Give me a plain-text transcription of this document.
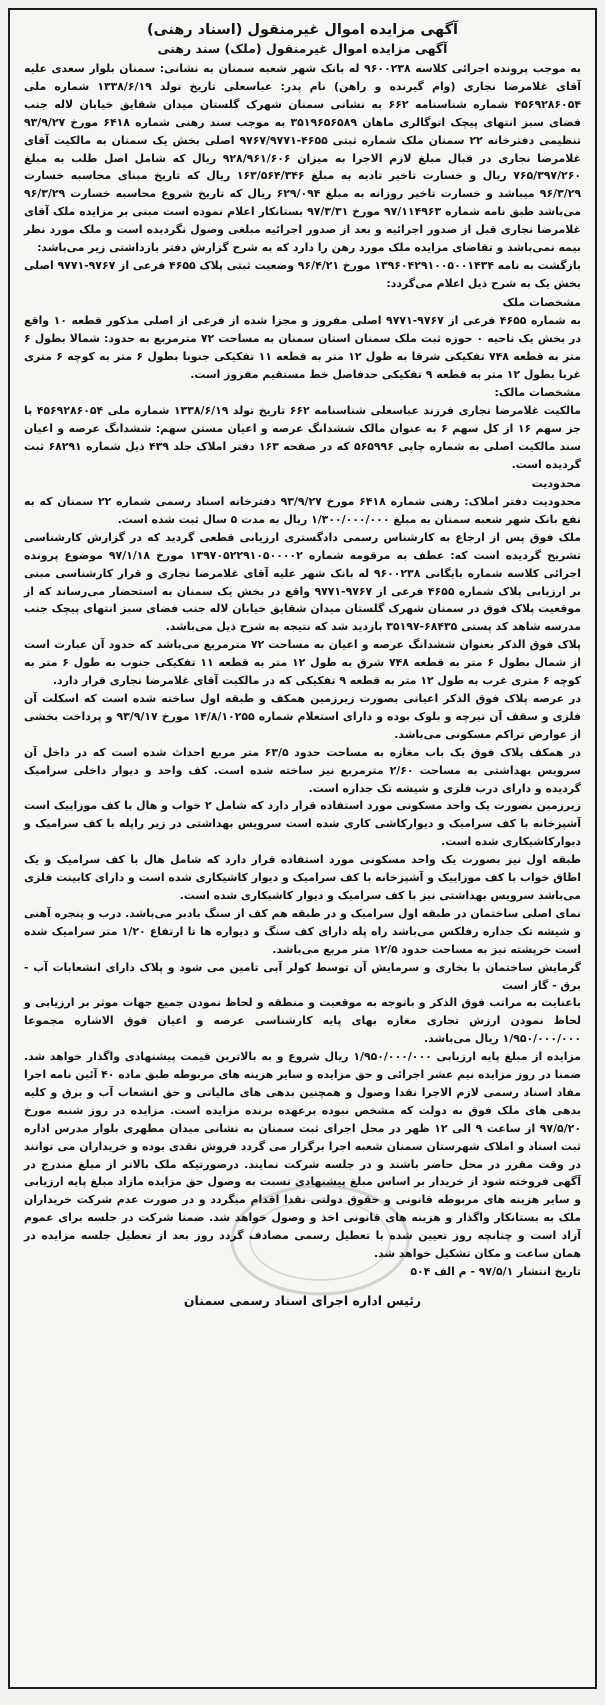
آگهی مزایده اموال غیرمنقول (اسناد رهنی)
آگهی مزایده اموال غیرمنقول (ملک) سند رهنی

به موجب پرونده اجرائی کلاسه ۹۶۰۰۲۳۸ له بانک شهر شعبه سمنان به نشانی: سمنان بلوار سعدی علیه آقای غلامرضا نجاری (وام گیرنده و راهن) نام پدر: عباسعلی تاریخ تولد ۱۳۳۸/۶/۱۹ شماره ملی ۴۵۶۹۲۸۶۰۵۴ شماره شناسنامه ۶۶۲ به نشانی سمنان شهرک گلستان میدان شقایق خیابان لاله جنب فضای سبز انتهای پیچک اتوگالری ماهان ۳۵۱۹۶۵۶۵۸۹ به موجب سند رهنی شماره ۶۴۱۸ مورخ ۹۳/۹/۲۷ تنظیمی دفترخانه ۲۲ سمنان ملک شماره ثبتی ۴۶۵۵-۹۷۶۷/۹۷۷۱ اصلی بخش یک سمنان به مالکیت آقای غلامرضا نجاری در قبال مبلغ لازم الاجرا به میزان ۹۲۸/۹۶۱/۶۰۶ ریال که شامل اصل طلب به مبلغ ۷۶۵/۳۹۷/۲۶۰ ریال و خسارت تاخیر تادیه به مبلغ ۱۶۳/۵۶۴/۳۴۶ ریال که تاریخ مبنای محاسبه خسارت ۹۶/۳/۲۹ میباشد و خسارت تاخیر روزانه به مبلغ ۶۲۹/۰۹۴ ریال که تاریخ شروع محاسبه خسارت ۹۶/۳/۲۹ می‌باشد طبق نامه شماره ۹۷/۱۱۴۹۶۳ مورخ ۹۷/۳/۳۱ بستانکار اعلام نموده است مبنی بر مزایده ملک آقای غلامرضا نجاری قبل از صدور اجرائیه و بعد از صدور اجرائیه مبلغی وصول نگردیده است و ملک مورد نظر بیمه نمی‌باشد و تقاضای مزایده ملک مورد رهن را دارد که به شرح گزارش دفتر بازداشتی زیر می‌باشد:

بازگشت به نامه ۱۳۹۶۰۴۲۹۱۰۰۵۰۰۱۴۳۴ مورخ ۹۶/۴/۲۱ وضعیت ثبتی پلاک ۴۶۵۵ فرعی از ۹۷۶۷-۹۷۷۱ اصلی بخش یک به شرح ذیل اعلام می‌گردد:

مشخصات ملک

به شماره ۴۶۵۵ فرعی از ۹۷۶۷-۹۷۷۱ اصلی مفروز و مجزا شده از فرعی از اصلی مذکور قطعه ۱۰ واقع در بخش یک ناحیه ۰ حوزه ثبت ملک سمنان استان سمنان به مساحت ۷۲ مترمربع به حدود: شمالا بطول ۶ متر به قطعه ۷۴۸ تفکیکی شرقا به طول ۱۲ متر به قطعه ۱۱ تفکیکی جنوبا بطول ۶ متر به کوچه ۶ متری غربا بطول ۱۲ متر به قطعه ۹ تفکیکی حدفاصل خط مستقیم مفروز است.

مشخصات مالک:

مالکیت غلامرضا نجاری فرزند عباسعلی شناسنامه ۶۶۲ تاریخ تولد ۱۳۳۸/۶/۱۹ شماره ملی ۴۵۶۹۲۸۶۰۵۴ با جز سهم ۱۶ از کل سهم ۶ به عنوان مالک ششدانگ عرصه و اعیان مستن سهم: ششدانگ عرصه و اعیان سند مالکیت اصلی به شماره چاپی ۵۶۵۹۹۶ که در صفحه ۱۶۳ دفتر املاک جلد ۴۳۹ ذیل شماره ۶۸۲۹۱ ثبت گردیده است.

محدودیت

محدودیت دفتر املاک: رهنی شماره ۶۴۱۸ مورخ ۹۳/۹/۲۷ دفترخانه اسناد رسمی شماره ۲۲ سمنان که به نفع بانک شهر شعبه سمنان به مبلغ ۱/۳۰۰/۰۰۰/۰۰۰ ریال به مدت ۵ سال ثبت شده است.

ملک فوق پس از ارجاع به کارشناس رسمی دادگستری ارزیابی قطعی گردید که در گزارش کارشناسی تشریح گردیده است که: عطف به مرقومه شماره ۱۳۹۷۰۵۲۲۹۱۰۵۰۰۰۰۲ مورخ ۹۷/۱/۱۸ موضوع پرونده اجرائی کلاسه شماره بایگانی ۹۶۰۰۲۳۸ له بانک شهر علیه آقای غلامرضا نجاری و قرار کارشناسی مبنی بر ارزیابی پلاک شماره ۴۶۵۵ فرعی از ۹۷۶۷-۹۷۷۱ واقع در بخش یک سمنان به استحضار می‌رساند که از موقعیت پلاک فوق در سمنان شهرک گلستان میدان شقایق خیابان لاله جنب فضای سبز انتهای پیچک جنب مدرسه شاهد کد پستی ۶۸۴۳۵-۳۵۱۹۷ بازدید شد که نتیجه به شرح ذیل می‌باشد.

پلاک فوق الذکر بعنوان ششدانگ عرصه و اعیان به مساحت ۷۲ مترمربع می‌باشد که حدود آن عبارت است از شمال بطول ۶ متر به قطعه ۷۴۸ شرق به طول ۱۲ متر به قطعه ۱۱ تفکیکی جنوب به طول ۶ متر به کوچه ۶ متری غرب به طول ۱۲ متر به قطعه ۹ تفکیکی که در مالکیت آقای غلامرضا نجاری قرار دارد.

در عرصه پلاک فوق الذکر اعیانی بصورت زیرزمین همکف و طبقه اول ساخته شده است که اسکلت آن فلزی و سقف آن تیرچه و بلوک بوده و دارای استعلام شماره ۱۴/۸/۱۰۲۵۵ مورخ ۹۳/۹/۱۷ و پرداخت بخشی از عوارض تراکم مسکونی می‌باشد.

در همکف پلاک فوق یک باب مغازه به مساحت حدود ۶۳/۵ متر مربع احداث شده است که در داخل آن سرویس بهداشتی به مساحت ۲/۶۰ مترمربع نیز ساخته شده است. کف واحد و دیوار داخلی سرامیک گردیده و دارای درب فلزی و شیشه تک جداره است.

زیرزمین بصورت یک واحد مسکونی مورد استفاده قرار دارد که شامل ۲ خواب و هال با کف موزاییک است آشپزخانه با کف سرامیک و دیوارکاشی کاری شده است سرویس بهداشتی در زیر راپله با کف سرامیک و دیوارکاشیکاری شده است.

طبقه اول نیز بصورت یک واحد مسکونی مورد استفاده قرار دارد که شامل هال با کف سرامیک و یک اطاق خواب با کف موزاییک و آشپزخانه با کف سرامیک و دیوار کاشیکاری شده است و دارای کابینت فلزی می‌باشد سرویس بهداشتی نیز با کف سرامیک و دیوار کاشیکاری شده است.

نمای اصلی ساختمان در طبقه اول سرامیک و در طبقه هم کف از سنگ بادبر می‌باشد. درب و پنجره آهنی و شیشه تک جداره رفلکس می‌باشد راه پله دارای کف سنگ و دیواره ها تا ارتفاع ۱/۲۰ متر سرامیک شده است خرپشته نیز به مساحت حدود ۱۲/۵ متر مربع می‌باشد.

گرمایش ساختمان با بخاری و سرمایش آن توسط کولر آبی تامین می شود و پلاک دارای انشعابات آب - برق - گاز است

باعنایت به مراتب فوق الذکر و باتوجه به موقعیت و منطقه و لحاظ نمودن جمیع جهات موثر بر ارزیابی و لحاظ نمودن ارزش تجاری مغازه بهای پایه کارشناسی عرصه و اعیان فوق الاشاره مجموعا ۱/۹۵۰/۰۰۰/۰۰۰ ریال می‌باشد.

مزایده از مبلغ پایه ارزیابی ۱/۹۵۰/۰۰۰/۰۰۰ ریال شروع و به بالاترین قیمت پیشنهادی واگذار خواهد شد. ضمنا در روز مزایده نیم عشر اجرائی و حق مزایده و سایر هزینه های مربوطه طبق ماده ۴۰ آئین نامه اجرا مفاد اسناد رسمی لازم الاجرا نقدا وصول و همچنین بدهی های مالیاتی و حق انشعاب آب و برق و کلیه بدهی های ملک فوق به دولت که مشخص نبوده برعهده برنده مزایده است. مزایده در روز شنبه مورخ ۹۷/۵/۲۰ از ساعت ۹ الی ۱۲ ظهر در محل اجرای ثبت سمنان به نشانی میدان مطهری بلوار مدرس اداره ثبت اسناد و املاک شهرستان سمنان شعبه اجرا برگزار می گردد فروش نقدی بوده و خریداران می توانند در وقت مقرر در محل حاضر باشند و در جلسه شرکت نمایند. درصورتیکه ملک بالاتر از مبلغ مندرج در آگهی فروخته شود از خریدار بر اساس مبلغ پیشنهادی نسبت به وصول حق مزایده مازاد مبلغ پایه ارزیابی و سایر هزینه های مربوطه قانونی و حقوق دولتی نقدا اقدام میگردد و در صورت عدم شرکت خریداران ملک به بستانکار واگذار و هزینه های قانونی اخذ و وصول خواهد شد. ضمنا شرکت در جلسه برای عموم آزاد است و چنانچه روز تعیین شده با تعطیل رسمی مصادف گردد روز بعد از تعطیل جلسه مزایده در همان ساعت و مکان تشکیل خواهد شد.

تاریخ انتشار ۹۷/۵/۱ - م الف ۵۰۴

رئیس اداره اجرای اسناد رسمی سمنان
